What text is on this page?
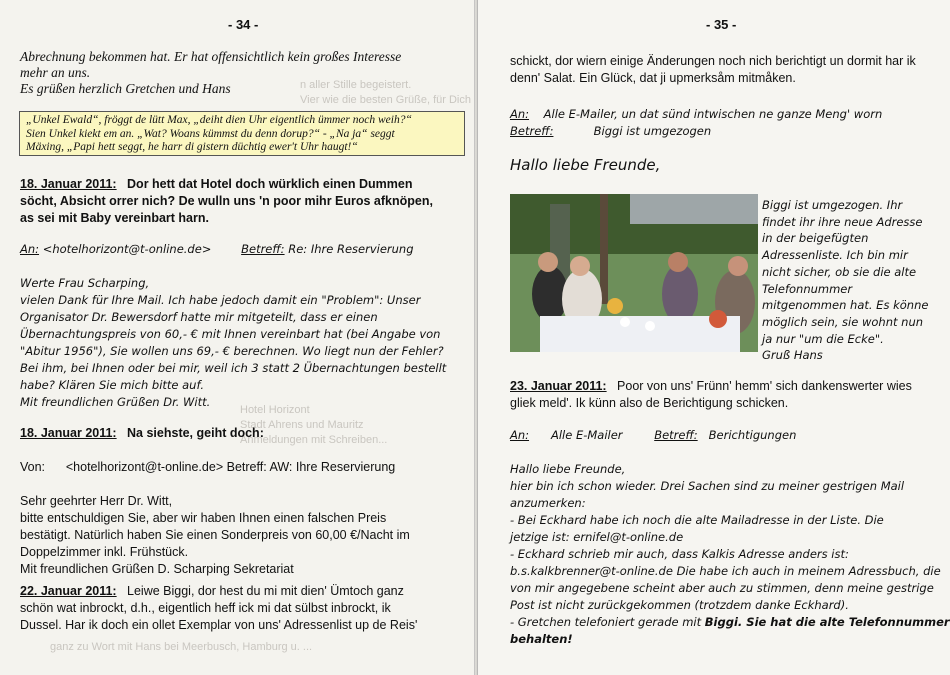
- 34 -
n aller Stille begeistert.
Vier wie die besten Grüße, für Dich

Abrechnung bekommen hat. Er hat offensichtlich kein großes Interesse

mehr an uns.

Es grüßen herzlich Gretchen und Hans

„Unkel Ewald“, fröggt de lütt Max, „deiht dien Uhr eigentlich ümmer noch weih?“

Sien Unkel kiekt em an. „Wat? Woans kümmst du denn dorup?“ - „Na ja“ seggt

Mäxing, „Papi hett seggt, he harr di gistern düchtig ewer't Uhr haugt!“

18. Januar 2011: Dor hett dat Hotel doch würklich einen Dummen

söcht, Absicht orrer nich? De wulln uns 'n poor mihr Euros afknöpen,

as sei mit Baby vereinbart harn.

An: <hotelhorizont@t-online.de>	Betreff: Re: Ihre Reservierung

Werte Frau Scharping,

vielen Dank für Ihre Mail. Ich habe jedoch damit ein "Problem": Unser

Organisator Dr. Bewersdorf hatte mir mitgeteilt, dass er einen

Übernachtungspreis von 60,- € mit Ihnen vereinbart hat (bei Angabe von

"Abitur 1956"), Sie wollen uns 69,- € berechnen. Wo liegt nun der Fehler?

Bei ihm, bei Ihnen oder bei mir, weil ich 3 statt 2 Übernachtungen bestellt

habe? Klären Sie mich bitte auf.

Mit freundlichen Grüßen Dr. Witt.

Hotel Horizont
Stadt Ahrens und Mauritz
Anmeldungen mit Schreiben...
18. Januar 2011: Na siehste, geiht doch:
Von: <hotelhorizont@t-online.de> Betreff: AW: Ihre Reservierung

Sehr geehrter Herr Dr. Witt,

bitte entschuldigen Sie, aber wir haben Ihnen einen falschen Preis

bestätigt. Natürlich haben Sie einen Sonderpreis von 60,00 €/Nacht im

Doppelzimmer inkl. Frühstück.

Mit freundlichen Grüßen D. Scharping Sekretariat

22. Januar 2011: Leiwe Biggi, dor hest du mi mit dien' Ümtoch ganz

schön wat inbrockt, d.h., eigentlich heff ick mi dat sülbst inbrockt, ik

Dussel. Har ik doch ein ollet Exemplar von uns' Adressenlist up de Reis'

ganz zu Wort mit Hans bei Meerbusch, Hamburg u. ...
- 35 -

schickt, dor wiern einige Änderungen noch nich berichtigt un dormit har ik

denn' Salat. Ein Glück, dat ji upmerksåm mitmåken.

An: Alle E-Mailer, un dat sünd intwischen ne ganze Meng' worn

Betreff:	Biggi ist umgezogen

Hallo liebe Freunde,

Biggi ist umgezogen. Ihr

findet ihr ihre neue Adresse

in der beigefügten

Adressenliste. Ich bin mir

nicht sicher, ob sie die alte

Telefonnummer

mitgenommen hat. Es könne

möglich sein, sie wohnt nun

ja nur "um die Ecke".

Gruß Hans

23. Januar 2011: Poor von uns' Frünn' hemm' sich dankenswerter wies

gliek meld'. Ik künn also de Berichtigung schicken.

An: Alle E-Mailer	Betreff: Berichtigungen

Hallo liebe Freunde,

hier bin ich schon wieder. Drei Sachen sind zu meiner gestrigen Mail

anzumerken:

- Bei Eckhard habe ich noch die alte Mailadresse in der Liste. Die

jetzige ist: ernifel@t-online.de

- Eckhard schrieb mir auch, dass Kalkis Adresse anders ist:

b.s.kalkbrenner@t-online.de Die habe ich auch in meinem Adressbuch, die

von mir angegebene scheint aber auch zu stimmen, denn meine gestrige

Post ist nicht zurückgekommen (trotzdem danke Eckhard).

- Gretchen telefoniert gerade mit Biggi. Sie hat die alte Telefonnummer

behalten!
